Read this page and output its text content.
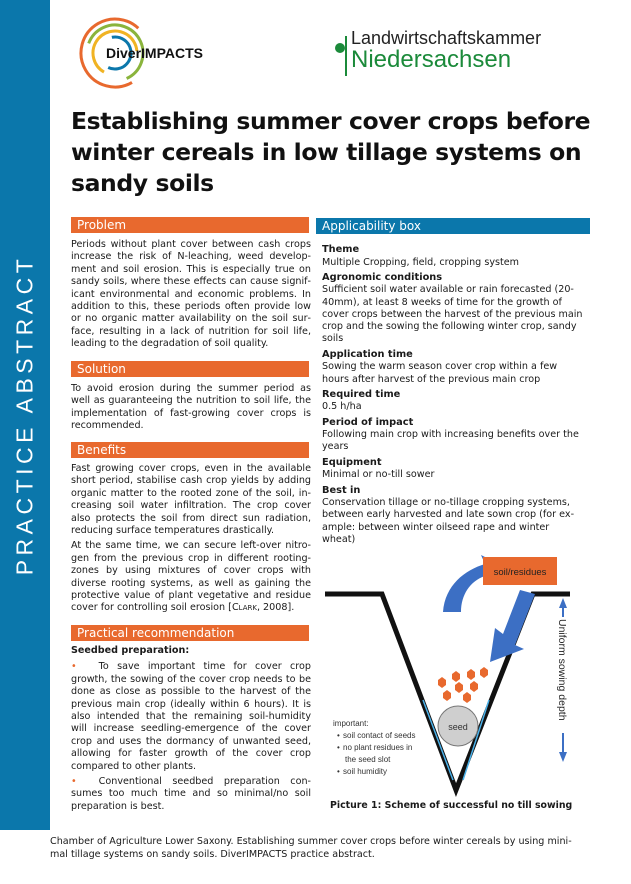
PRACTICE ABSTRACT
DiverIMPACTS
Landwirtschaftskammer
Niedersachsen
Establishing summer cover crops before winter cereals in low tillage systems on sandy soils
Problem

Periods without plant cover between cash crops increase the risk of N-leaching, weed development and soil erosion. This is especially true on sandy soils, where these effects can cause significant environmental and economic problems. In addition to this, these periods often provide low or no organic matter availability on the soil surface, resulting in a lack of nutrition for soil life, leading to the degradation of soil quality.

Solution

To avoid erosion during the summer period as well as guaranteeing the nutrition to soil life, the implementation of fast-growing cover crops is recommended.

Benefits

Fast growing cover crops, even in the available short period, stabilise cash crop yields by adding organic matter to the rooted zone of the soil, increasing soil water infiltration. The crop cover also protects the soil from direct sun radiation, reducing surface temperatures drastically.

At the same time, we can secure left-over nitrogen from the previous crop in different rooting-zones by using mixtures of cover crops with diverse rooting systems, as well as gaining the protective value of plant vegetative and residue cover for controlling soil erosion [Clark, 2008].

Practical recommendation

Seedbed preparation:

• To save important time for cover crop growth, the sowing of the cover crop needs to be done as close as possible to the harvest of the previous main crop (ideally within 6 hours). It is also intended that the remaining soil-humidity will increase seedling-emergence of the cover crop and uses the dormancy of unwanted seed, allowing for faster growth of the cover crop compared to other plants.

• Conventional seedbed preparation consumes too much time and so minimal/no soil preparation is best.

Applicability box
Theme
Multiple Cropping, field, cropping system
Agronomic conditions
Sufficient soil water available or rain forecasted (20-40mm), at least 8 weeks of time for the growth of cover crops between the harvest of the previous main crop and the sowing the following winter crop, sandy soils
Application time
Sowing the warm season cover crop within a few hours after harvest of the previous main crop
Required time
0.5 h/ha
Period of impact
Following main crop with increasing benefits over the years
Equipment
Minimal or no-till sower
Best in
Conservation tillage or no-tillage cropping systems, between early harvested and late sown crop (for example: between winter oilseed rape and winter wheat)
soil/residues
seed
important:
• soil contact of seeds
• no plant residues in
the seed slot
• soil humidity
Uniform sowing depth
Picture 1: Scheme of successful no till sowing
Chamber of Agriculture Lower Saxony. Establishing summer cover crops before winter cereals by using minimal tillage systems on sandy soils. DiverIMPACTS practice abstract.
